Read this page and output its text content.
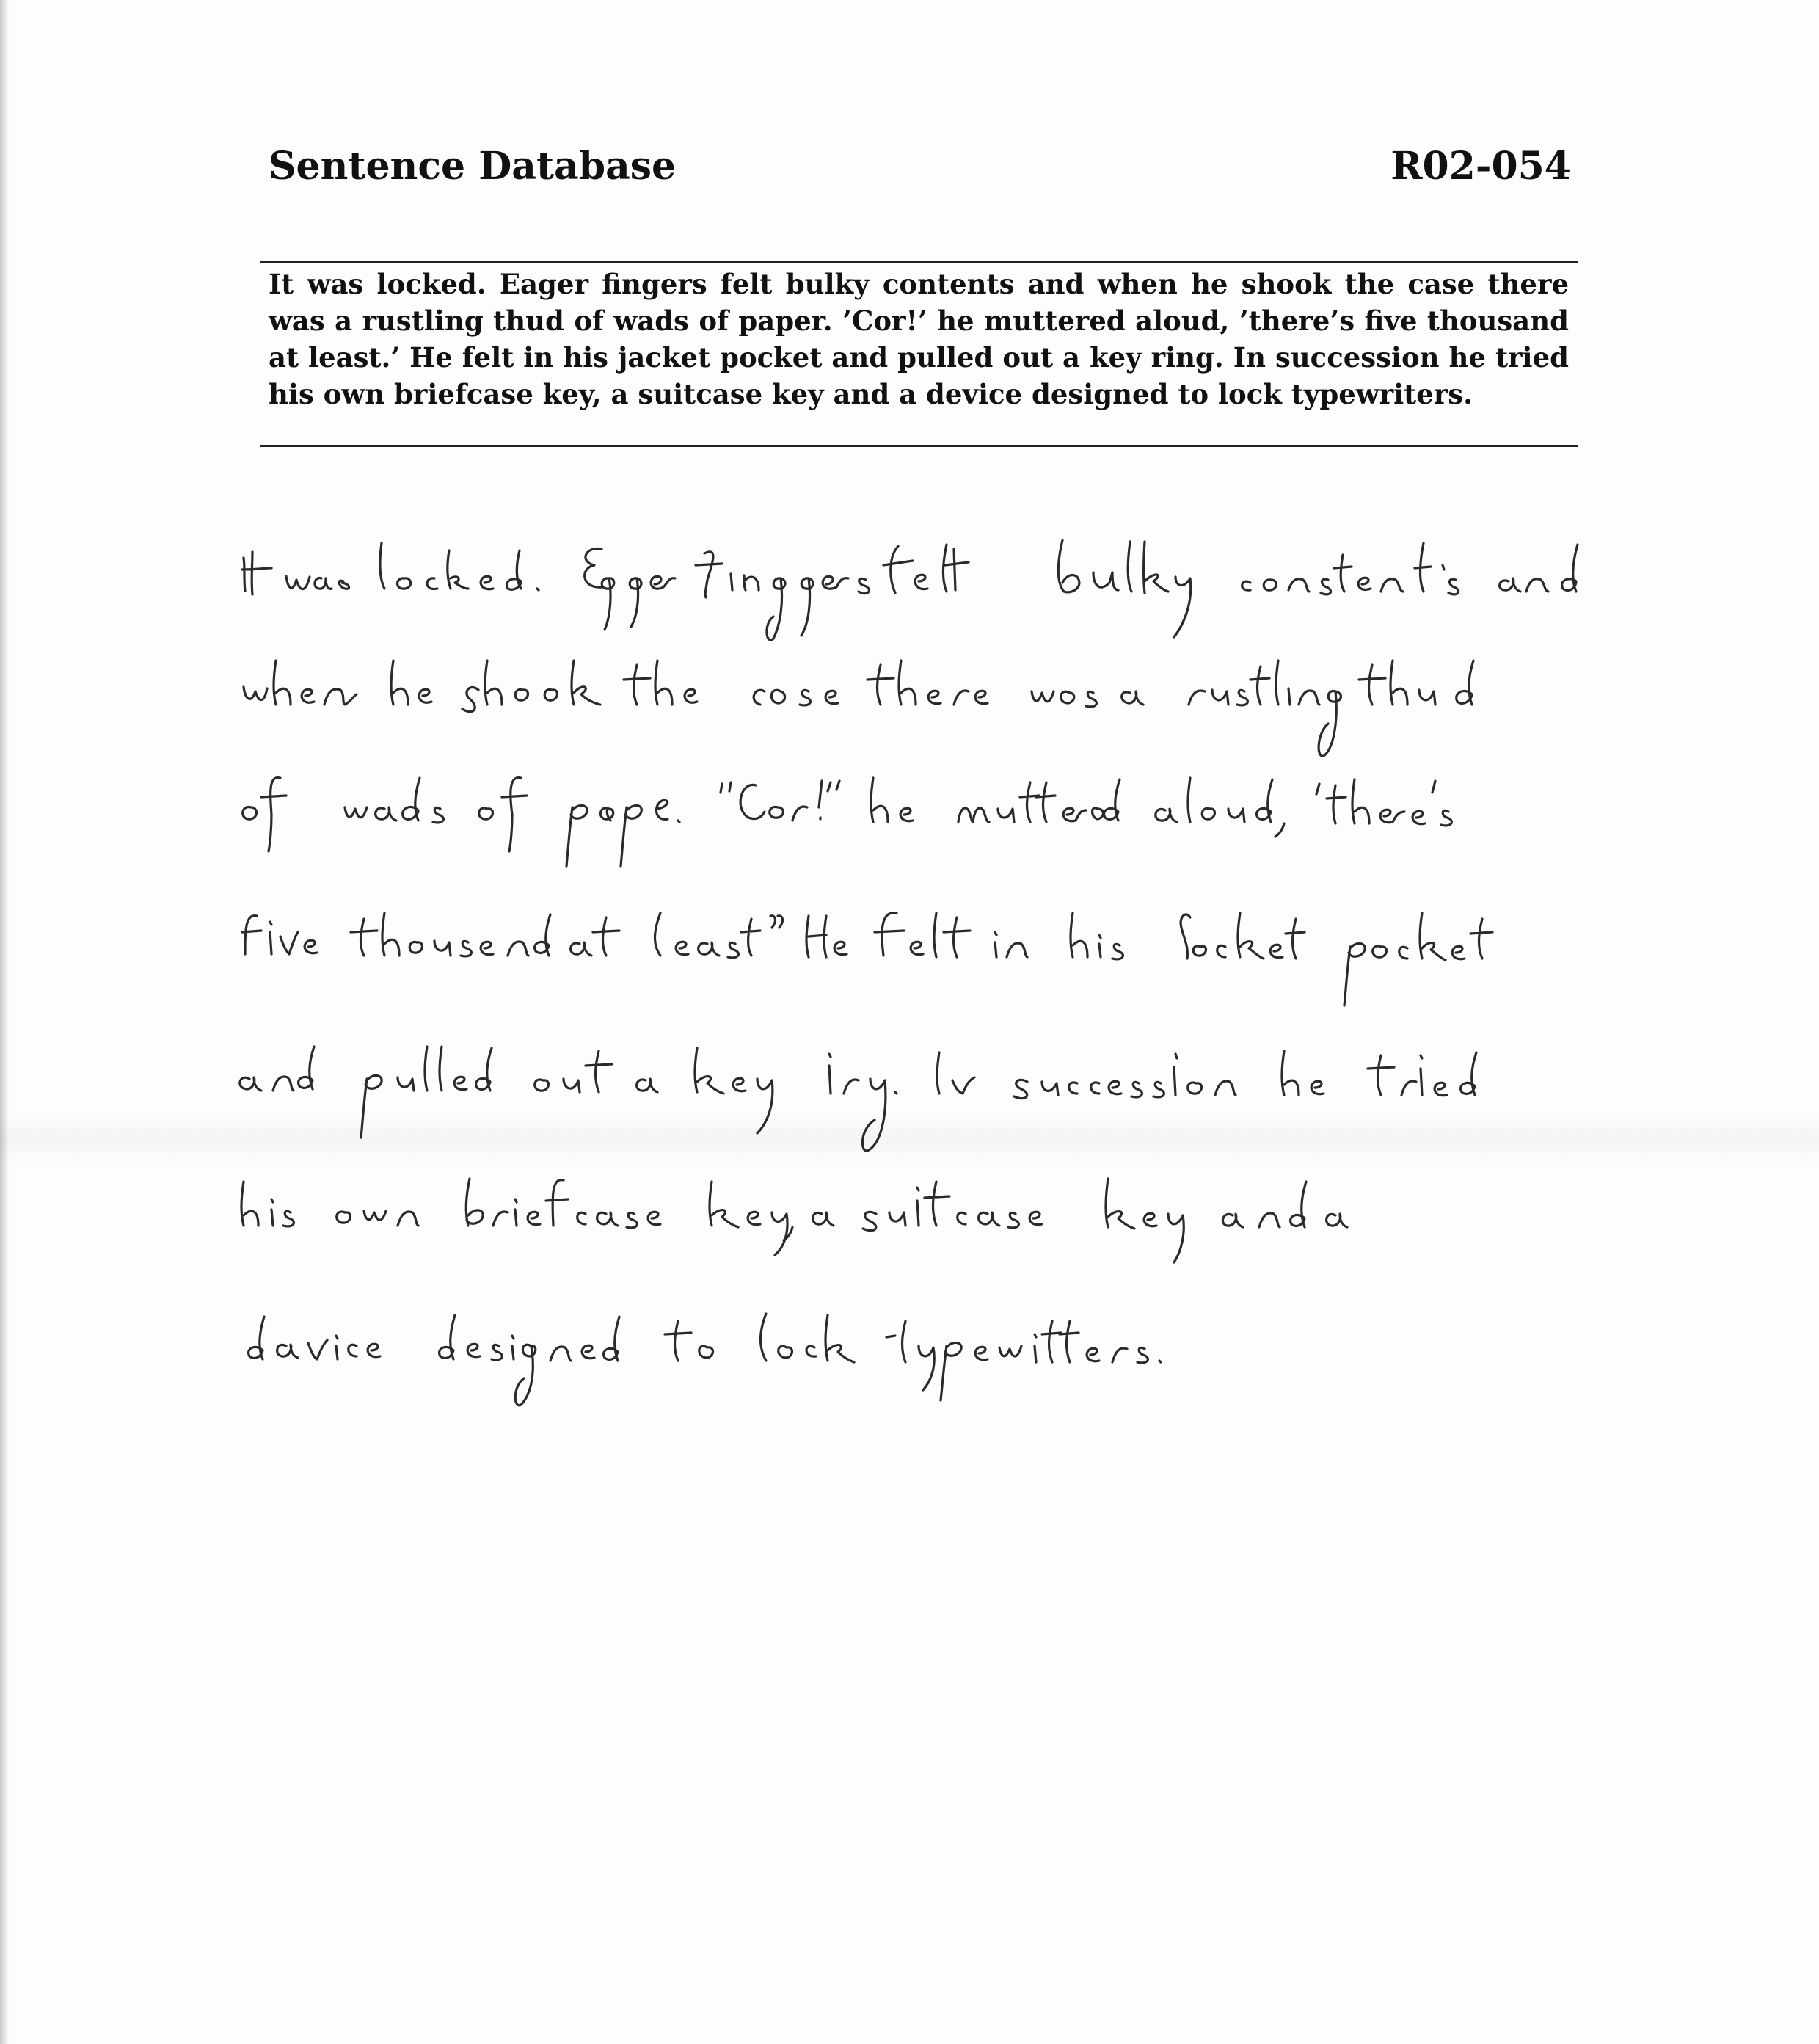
Sentence Database	R02-054
It was locked. Eager fingers felt bulky contents and when he shook the case there was a rustling thud of wads of paper. ’Cor!’ he muttered aloud, ’there’s five thousand at least.’ He felt in his jacket pocket and pulled out a key ring. In succession he tried his own briefcase key, a suitcase key and a device designed to lock typewriters.
